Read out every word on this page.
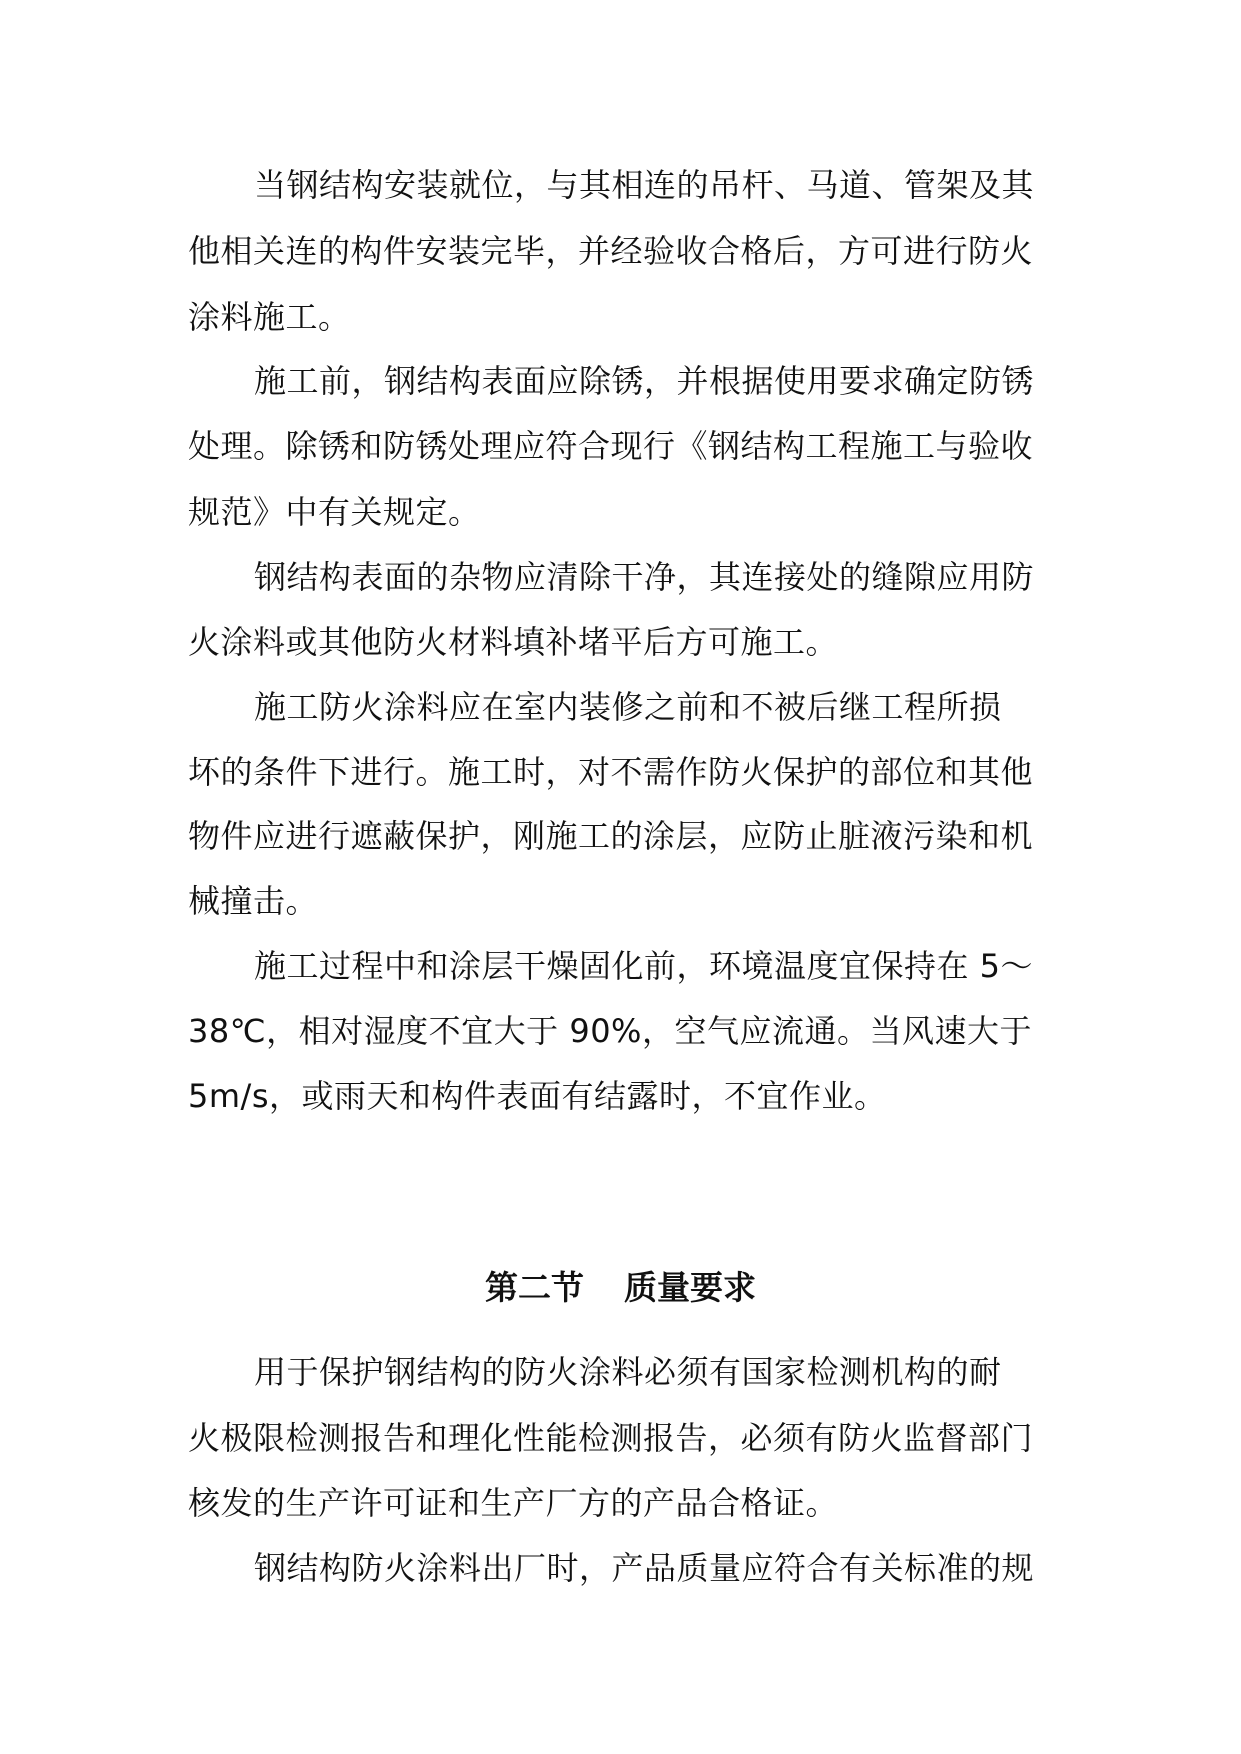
当钢结构安装就位，与其相连的吊杆、马道、管架及其
他相关连的构件安装完毕，并经验收合格后，方可进行防火
涂料施工。
施工前，钢结构表面应除锈，并根据使用要求确定防锈
处理。除锈和防锈处理应符合现行《钢结构工程施工与验收
规范》中有关规定。
钢结构表面的杂物应清除干净，其连接处的缝隙应用防
火涂料或其他防火材料填补堵平后方可施工。
施工防火涂料应在室内装修之前和不被后继工程所损
坏的条件下进行。施工时，对不需作防火保护的部位和其他
物件应进行遮蔽保护，刚施工的涂层，应防止脏液污染和机
械撞击。
施工过程中和涂层干燥固化前，环境温度宜保持在 5～
38℃，相对湿度不宜大于 90%，空气应流通。当风速大于
5m/s，或雨天和构件表面有结露时，不宜作业。
第二节 质量要求
用于保护钢结构的防火涂料必须有国家检测机构的耐
火极限检测报告和理化性能检测报告，必须有防火监督部门
核发的生产许可证和生产厂方的产品合格证。
钢结构防火涂料出厂时，产品质量应符合有关标准的规
